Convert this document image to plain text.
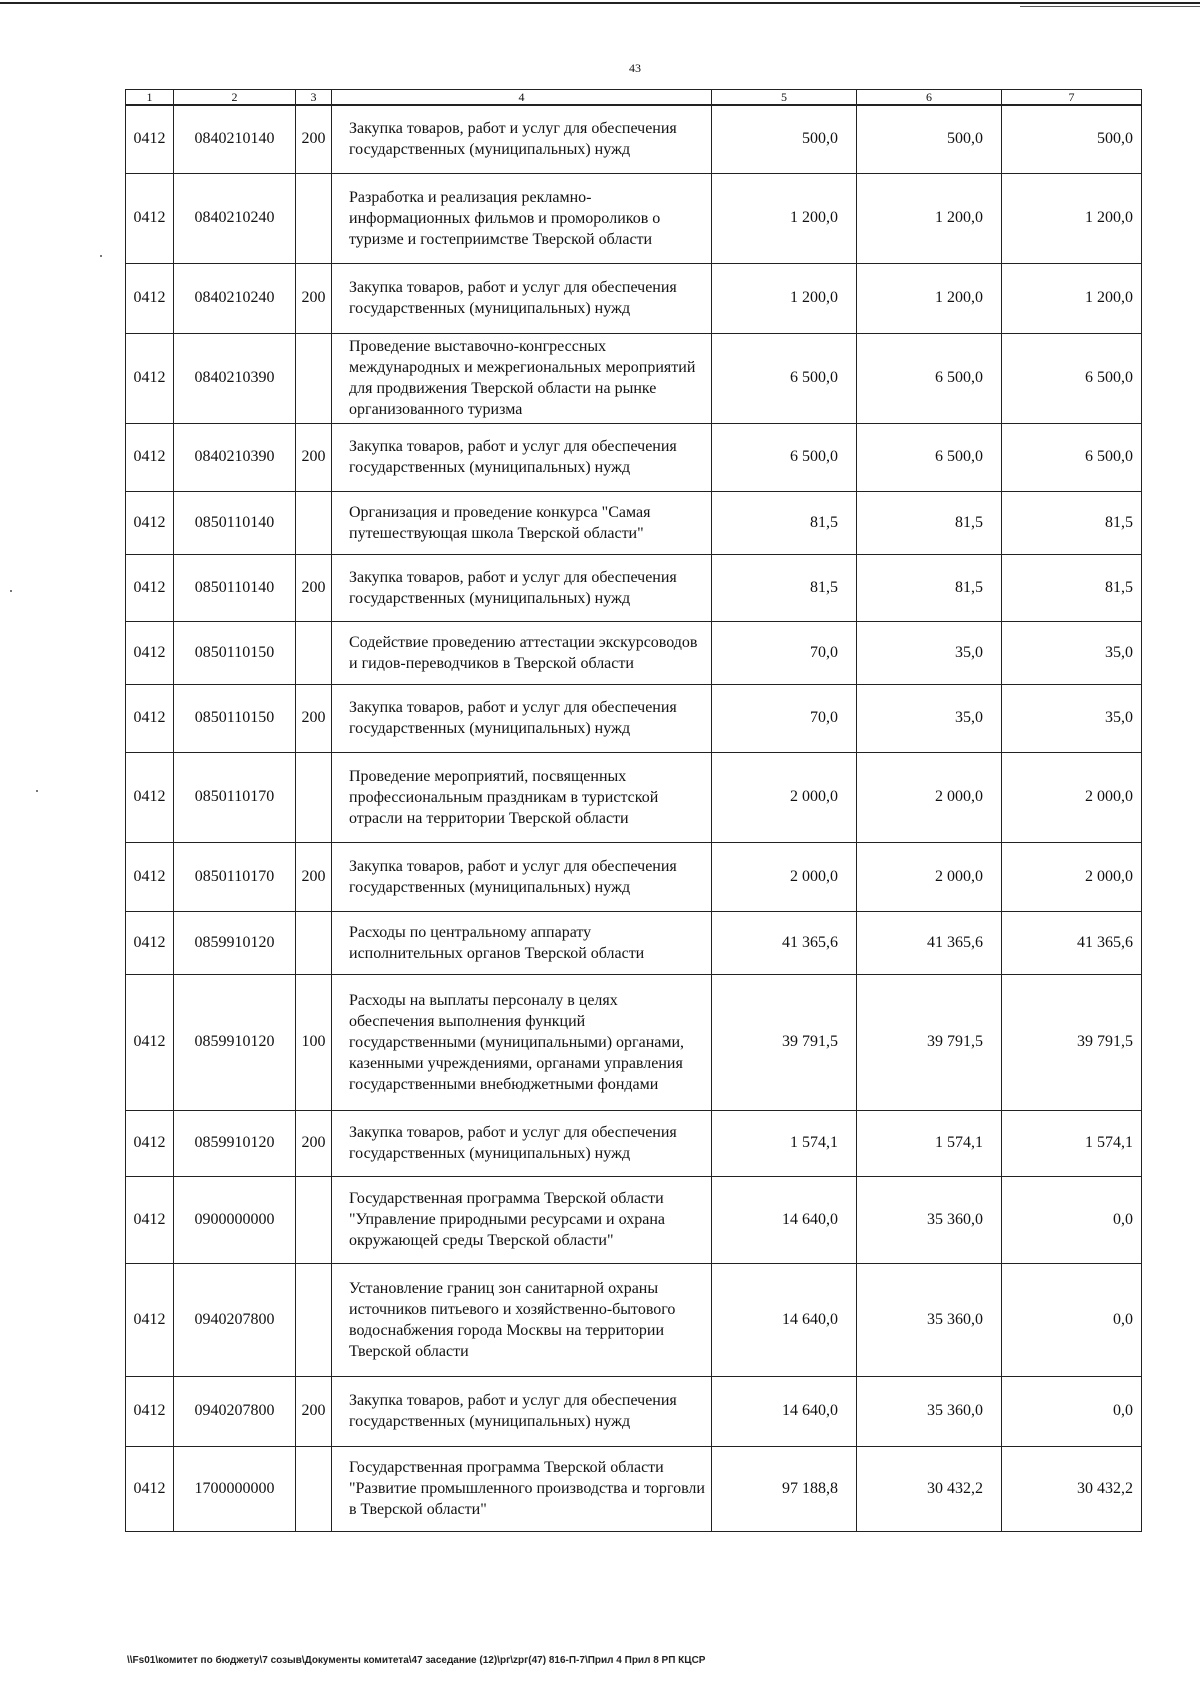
43
1	2	3	4	5	6	7
0412	0840210140	200	Закупка товаров, работ и услуг для обеспечения государственных (муниципальных) нужд	500,0	500,0	500,0
0412	0840210240		Разработка и реализация рекламно-информационных фильмов и проморoликов о туризме и гостеприимстве Тверской области	1 200,0	1 200,0	1 200,0
0412	0840210240	200	Закупка товаров, работ и услуг для обеспечения государственных (муниципальных) нужд	1 200,0	1 200,0	1 200,0
0412	0840210390		Проведение выставочно-конгрессных международных и межрегиональных мероприятий для продвижения Тверской области на рынке организованного туризма	6 500,0	6 500,0	6 500,0
0412	0840210390	200	Закупка товаров, работ и услуг для обеспечения государственных (муниципальных) нужд	6 500,0	6 500,0	6 500,0
0412	0850110140		Организация и проведение конкурса "Самая путешествующая школа Тверской области"	81,5	81,5	81,5
0412	0850110140	200	Закупка товаров, работ и услуг для обеспечения государственных (муниципальных) нужд	81,5	81,5	81,5
0412	0850110150		Содействие проведению аттестации экскурсоводов и гидов-переводчиков в Тверской области	70,0	35,0	35,0
0412	0850110150	200	Закупка товаров, работ и услуг для обеспечения государственных (муниципальных) нужд	70,0	35,0	35,0
0412	0850110170		Проведение мероприятий, посвященных профессиональным праздникам в туристской отрасли на территории Тверской области	2 000,0	2 000,0	2 000,0
0412	0850110170	200	Закупка товаров, работ и услуг для обеспечения государственных (муниципальных) нужд	2 000,0	2 000,0	2 000,0
0412	0859910120		Расходы по центральному аппарату исполнительных органов Тверской области	41 365,6	41 365,6	41 365,6
0412	0859910120	100	Расходы на выплаты персоналу в целях обеспечения выполнения функций государственными (муниципальными) органами, казенными учреждениями, органами управления государственными внебюджетными фондами	39 791,5	39 791,5	39 791,5
0412	0859910120	200	Закупка товаров, работ и услуг для обеспечения государственных (муниципальных) нужд	1 574,1	1 574,1	1 574,1
0412	0900000000		Государственная программа Тверской области "Управление природными ресурсами и охрана окружающей среды Тверской области"	14 640,0	35 360,0	0,0
0412	0940207800		Установление границ зон санитарной охраны источников питьевого и хозяйственно-бытового водоснабжения города Москвы на территории Тверской области	14 640,0	35 360,0	0,0
0412	0940207800	200	Закупка товаров, работ и услуг для обеспечения государственных (муниципальных) нужд	14 640,0	35 360,0	0,0
0412	1700000000		Государственная программа Тверской области "Развитие промышленного производства и торговли в Тверской области"	97 188,8	30 432,2	30 432,2
\\Fs01\комитет по бюджету\7 созыв\Документы комитета\47 заседание (12)\рг\zрг(47) 816-П-7\Прил 4 Прил 8 РП КЦСР
